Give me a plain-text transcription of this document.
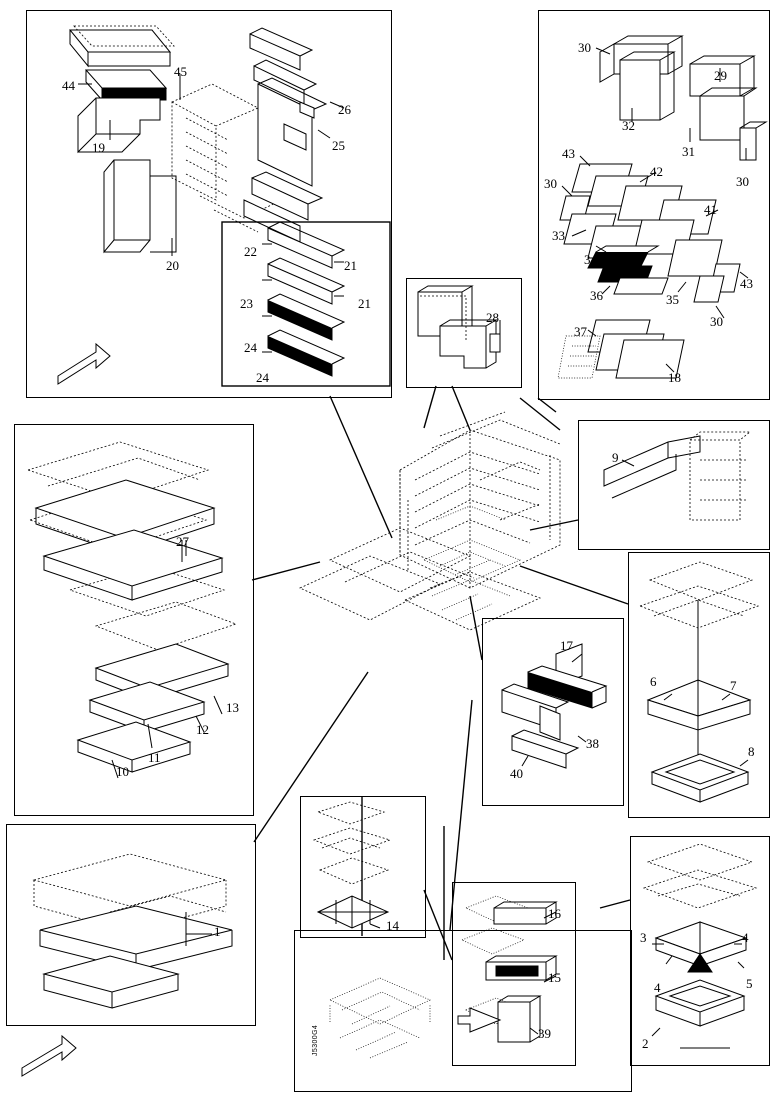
44
45
19
20
26
25
22
23
24
24
21
21
30
29
32
31
30
43
42
30
41
33
34
43
36	35
30
37
18
28
27
13
12
11
10
9
6	7
8
17
38
40
1	14
16
15
39
3	4
4	5
2
J5300G4
